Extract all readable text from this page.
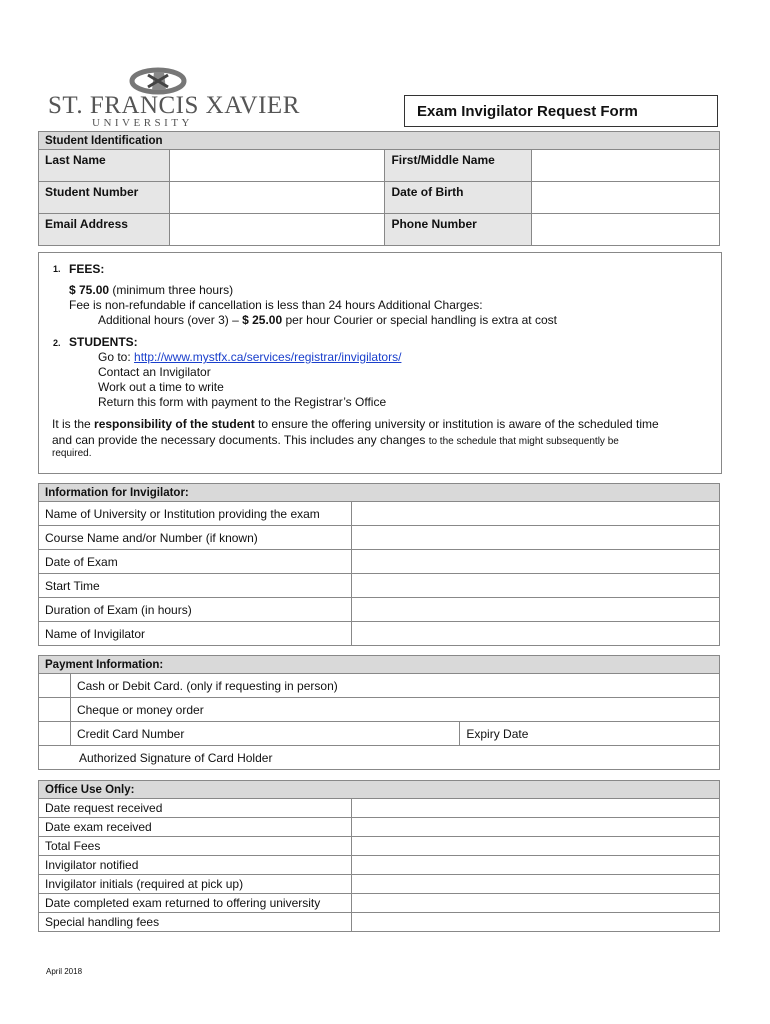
ST. FRANCIS XAVIER
UNIVERSITY
Exam Invigilator Request Form
Student Identification			
Last Name		First/Middle Name	
Student Number		Date of Birth	
Email Address		Phone Number	
1. FEES:
$ 75.00 (minimum three hours)
Fee is non-refundable if cancellation is less than 24 hours Additional Charges:
Additional hours (over 3) – $ 25.00 per hour Courier or special handling is extra at cost
2. STUDENTS:
Go to: http://www.mystfx.ca/services/registrar/invigilators/
Contact an Invigilator
Work out a time to write
Return this form with payment to the Registrar’s Office
It is the responsibility of the student to ensure the offering university or institution is aware of the scheduled time
and can provide the necessary documents. This includes any changes to the schedule that might subsequently be
required.
Information for Invigilator:	
Name of University or Institution providing the exam	
Course Name and/or Number (if known)	
Date of Exam	
Start Time	
Duration of Exam (in hours)	
Name of Invigilator	
Payment Information:		
	Cash or Debit Card. (only if requesting in person)	
	Cheque or money order	
	Credit Card Number	Expiry Date
Authorized Signature of Card Holder		
Office Use Only:	
Date request received	
Date exam received	
Total Fees	
Invigilator notified	
Invigilator initials (required at pick up)	
Date completed exam returned to offering university	
Special handling fees	
April 2018
